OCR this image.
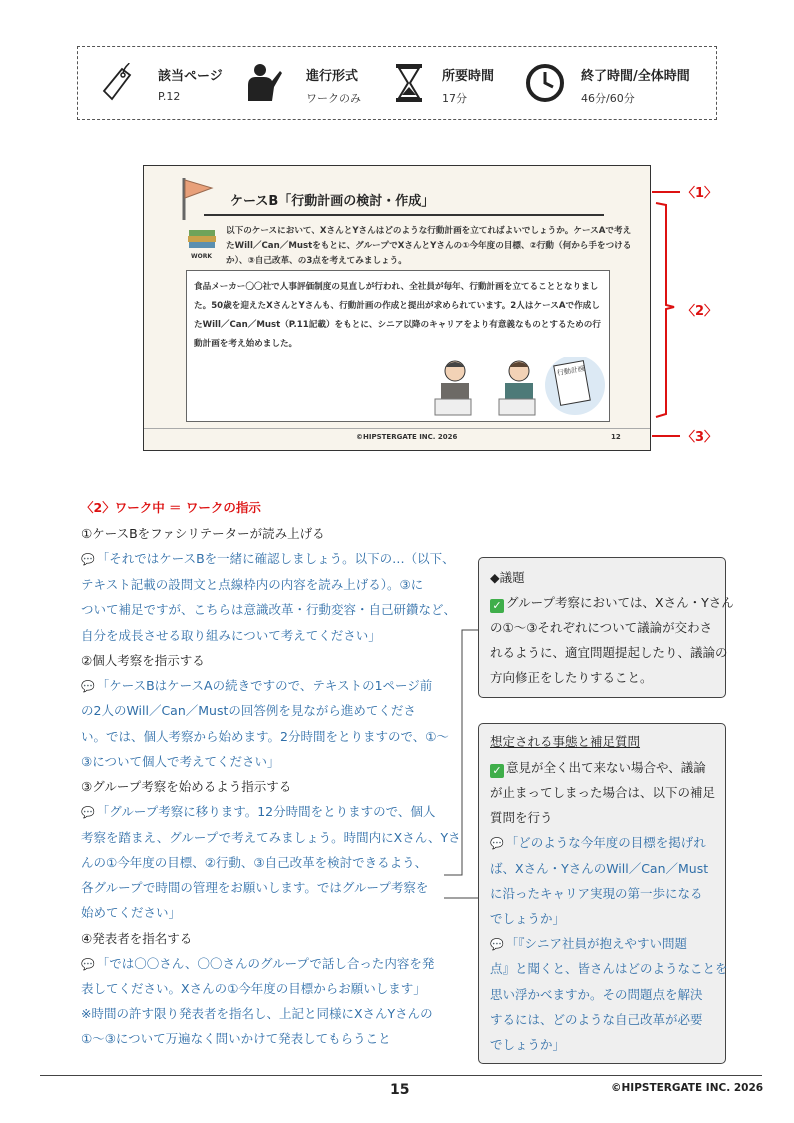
該当ページ
P.12
進行形式
ワークのみ
所要時間
17分
終了時間/全体時間
46分/60分
ケースB「行動計画の検討・作成」
WORK
以下のケースにおいて、XさんとYさんはどのような行動計画を立てればよいでしょうか。ケースAで考えたWill／Can／Mustをもとに、グループでXさんとYさんの①今年度の目標、②行動（何から手をつけるか）、③自己改革、の3点を考えてみましょう。
食品メーカー〇〇社で人事評価制度の見直しが行われ、全社員が毎年、行動計画を立てることとなりました。50歳を迎えたXさんとYさんも、行動計画の作成と提出が求められています。2人はケースAで作成したWill／Can／Must（P.11記載）をもとに、シニア以降のキャリアをより有意義なものとするための行動計画を考え始めました。
行動計画
©HIPSTERGATE INC. 2026	12
〈1〉
〈2〉
〈3〉
〈2〉ワーク中 ＝ ワークの指示
①ケースBをファシリテーターが読み上げる
💬 「それではケースBを一緒に確認しましょう。以下の…（以下、
テキスト記載の設問文と点線枠内の内容を読み上げる）。③に
ついて補足ですが、こちらは意識改革・行動変容・自己研鑽など、
自分を成長させる取り組みについて考えてください」
②個人考察を指示する
💬 「ケースBはケースAの続きですので、テキストの1ページ前
の2人のWill／Can／Mustの回答例を見ながら進めてくださ
い。では、個人考察から始めます。2分時間をとりますので、①～
③について個人で考えてください」
③グループ考察を始めるよう指示する
💬 「グループ考察に移ります。12分時間をとりますので、個人
考察を踏まえ、グループで考えてみましょう。時間内にXさん、Yさ
んの①今年度の目標、②行動、③自己改革を検討できるよう、
各グループで時間の管理をお願いします。ではグループ考察を
始めてください」
④発表者を指名する
💬 「では〇〇さん、〇〇さんのグループで話し合った内容を発
表してください。Xさんの①今年度の目標からお願いします」
※時間の許す限り発表者を指名し、上記と同様にXさんYさんの
①～③について万遍なく問いかけて発表してもらうこと
◆議題
✓ グループ考察においては、Xさん・Yさん
の①～③それぞれについて議論が交わさ
れるように、適宜問題提起したり、議論の
方向修正をしたりすること。
想定される事態と補足質問
✓ 意見が全く出て来ない場合や、議論
が止まってしまった場合は、以下の補足
質問を行う
💬 「どのような今年度の目標を掲げれ
ば、Xさん・YさんのWill／Can／Must
に沿ったキャリア実現の第一歩になる
でしょうか」
💬 「『シニア社員が抱えやすい問題
点』と聞くと、皆さんはどのようなことを
思い浮かべますか。その問題点を解決
するには、どのような自己改革が必要
でしょうか」
15	©HIPSTERGATE INC. 2026
